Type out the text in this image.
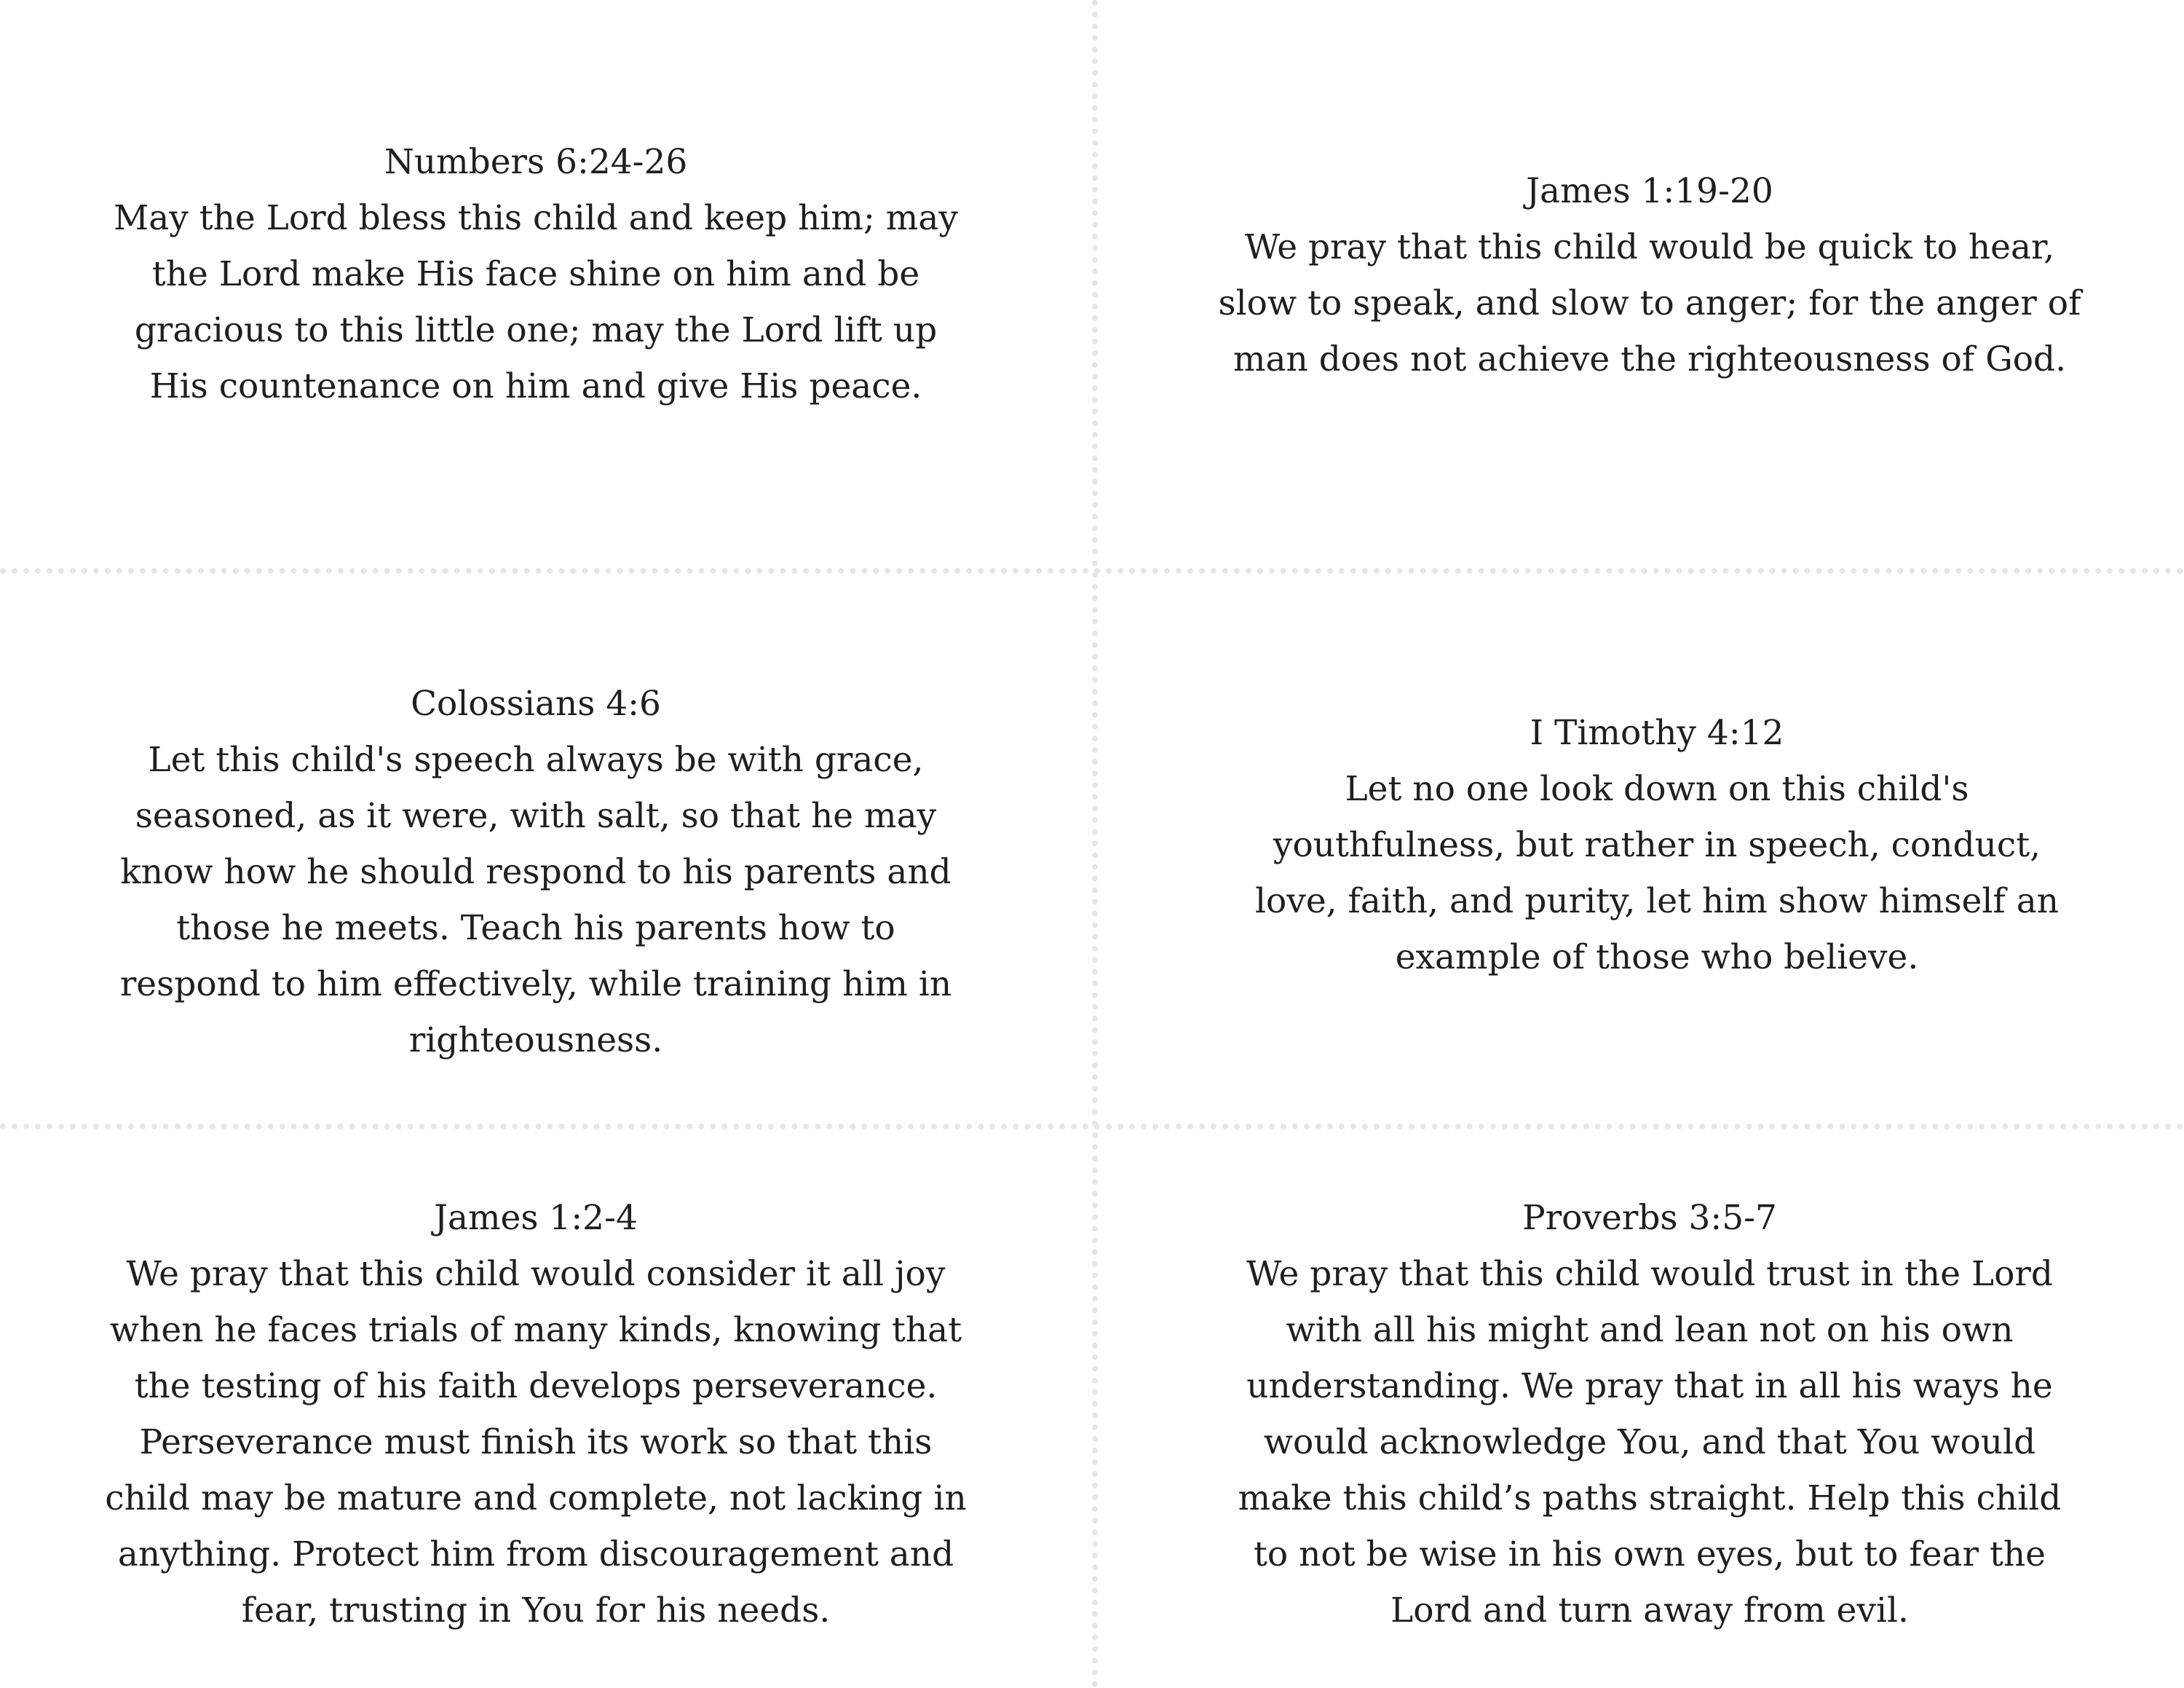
Numbers 6:24-26
May the Lord bless this child and keep him; may the Lord make His face shine on him and be gracious to this little one; may the Lord lift up His countenance on him and give His peace.
James 1:19-20
We pray that this child would be quick to hear, slow to speak, and slow to anger; for the anger of man does not achieve the righteousness of God.
Colossians 4:6
Let this child's speech always be with grace, seasoned, as it were, with salt, so that he may know how he should respond to his parents and those he meets. Teach his parents how to respond to him effectively, while training him in righteousness.
I Timothy 4:12
Let no one look down on this child's youthfulness, but rather in speech, conduct, love, faith, and purity, let him show himself an example of those who believe.
James 1:2-4
We pray that this child would consider it all joy when he faces trials of many kinds, knowing that the testing of his faith develops perseverance. Perseverance must finish its work so that this child may be mature and complete, not lacking in anything. Protect him from discouragement and fear, trusting in You for his needs.
Proverbs 3:5-7
We pray that this child would trust in the Lord with all his might and lean not on his own understanding. We pray that in all his ways he would acknowledge You, and that You would make this child’s paths straight. Help this child to not be wise in his own eyes, but to fear the Lord and turn away from evil.
